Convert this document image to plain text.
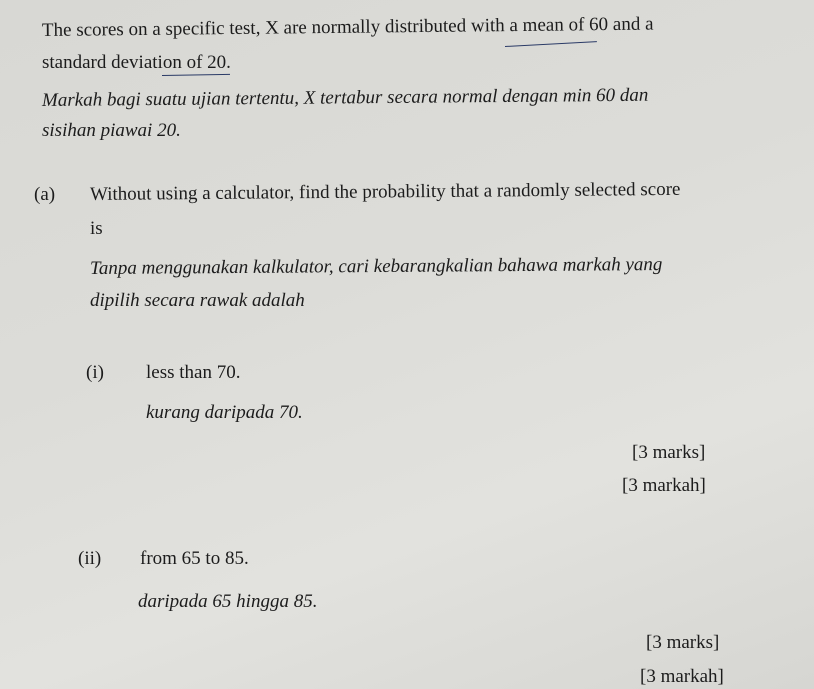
The scores on a specific test, X are normally distributed with a mean of 60 and a
standard deviation of 20.
Markah bagi suatu ujian tertentu, X tertabur secara normal dengan min 60 dan
sisihan piawai 20.
(a) Without using a calculator, find the probability that a randomly selected score
is
Tanpa menggunakan kalkulator, cari kebarangkalian bahawa markah yang
dipilih secara rawak adalah
(i) less than 70.
kurang daripada 70.
[3 marks]
[3 markah]
(ii) from 65 to 85.
daripada 65 hingga 85.
[3 marks]
[3 markah]
